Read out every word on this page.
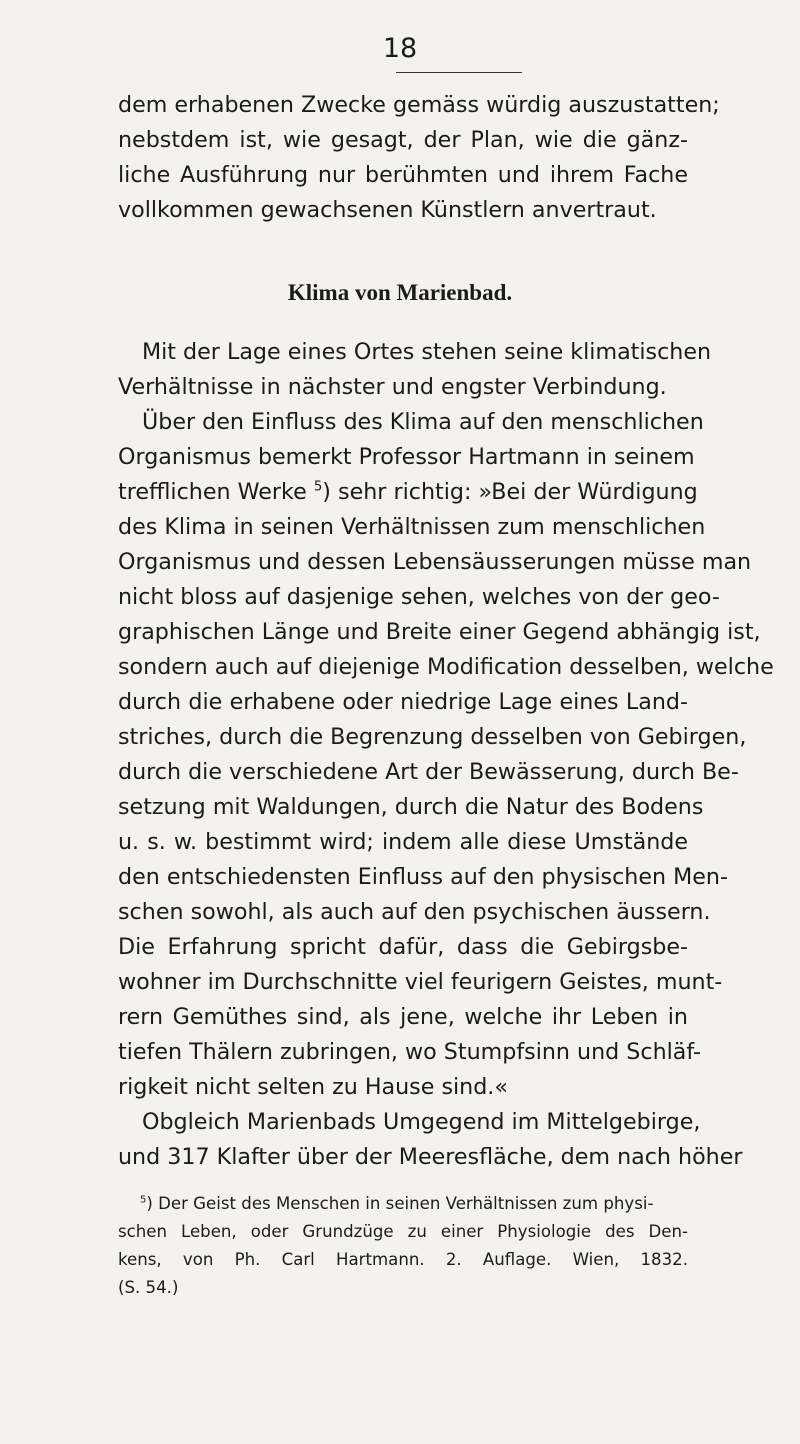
18
dem erhabenen Zwecke gemäss würdig auszustatten;
nebstdem ist, wie gesagt, der Plan, wie die gänz-
liche Ausführung nur berühmten und ihrem Fache
vollkommen gewachsenen Künstlern anvertraut.
Klima von Marienbad.
Mit der Lage eines Ortes stehen seine klimatischen
Verhältnisse in nächster und engster Verbindung.
Über den Einfluss des Klima auf den menschlichen
Organismus bemerkt Professor Hartmann in seinem
trefflichen Werke $^5$) sehr richtig: »Bei der Würdigung
des Klima in seinen Verhältnissen zum menschlichen
Organismus und dessen Lebensäusserungen müsse man
nicht bloss auf dasjenige sehen, welches von der geo-
graphischen Länge und Breite einer Gegend abhängig ist,
sondern auch auf diejenige Modification desselben, welche
durch die erhabene oder niedrige Lage eines Land-
striches, durch die Begrenzung desselben von Gebirgen,
durch die verschiedene Art der Bewässerung, durch Be-
setzung mit Waldungen, durch die Natur des Bodens
u. s. w. bestimmt wird; indem alle diese Umstände
den entschiedensten Einfluss auf den physischen Men-
schen sowohl, als auch auf den psychischen äussern.
Die Erfahrung spricht dafür, dass die Gebirgsbe-
wohner im Durchschnitte viel feurigern Geistes, munt-
rern Gemüthes sind, als jene, welche ihr Leben in
tiefen Thälern zubringen, wo Stumpfsinn und Schläf-
rigkeit nicht selten zu Hause sind.«
Obgleich Marienbads Umgegend im Mittelgebirge,
und 317 Klafter über der Meeresfläche, dem nach höher
$^5$) Der Geist des Menschen in seinen Verhältnissen zum physi-
schen Leben, oder Grundzüge zu einer Physiologie des Den-
kens, von Ph. Carl Hartmann. 2. Auflage. Wien, 1832.
(S. 54.)
